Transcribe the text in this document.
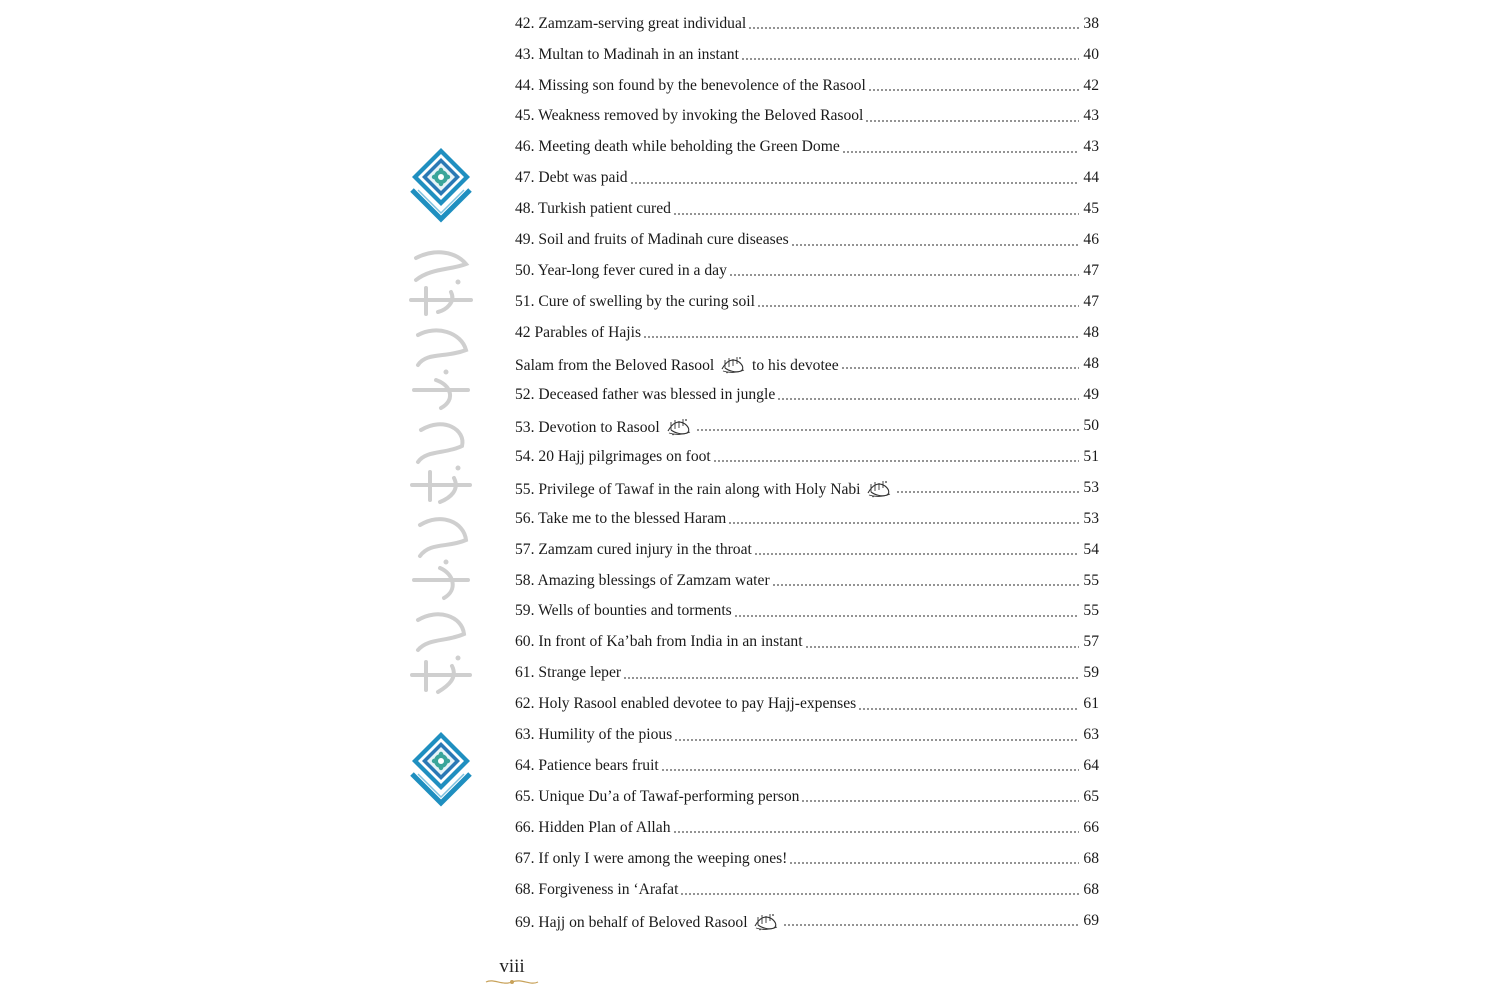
42. Zamzam-serving great individual	38
43. Multan to Madinah in an instant	40
44. Missing son found by the benevolence of the Rasool	42
45. Weakness removed by invoking the Beloved Rasool	43
46. Meeting death while beholding the Green Dome	43
47. Debt was paid	44
48. Turkish patient cured	45
49. Soil and fruits of Madinah cure diseases	46
50. Year-long fever cured in a day	47
51. Cure of swelling by the curing soil	47
42 Parables of Hajis	48
Salam from the Beloved Rasool to his devotee	48
52. Deceased father was blessed in jungle	49
53. Devotion to Rasool	50
54. 20 Hajj pilgrimages on foot	51
55. Privilege of Tawaf in the rain along with Holy Nabi	53
56. Take me to the blessed Haram	53
57. Zamzam cured injury in the throat	54
58. Amazing blessings of Zamzam water	55
59. Wells of bounties and torments	55
60. In front of Ka’bah from India in an instant	57
61. Strange leper	59
62. Holy Rasool enabled devotee to pay Hajj-expenses	61
63. Humility of the pious	63
64. Patience bears fruit	64
65. Unique Du’a of Tawaf-performing person	65
66. Hidden Plan of Allah	66
67. If only I were among the weeping ones!	68
68. Forgiveness in ‘Arafat	68
69. Hajj on behalf of Beloved Rasool	69
viii
